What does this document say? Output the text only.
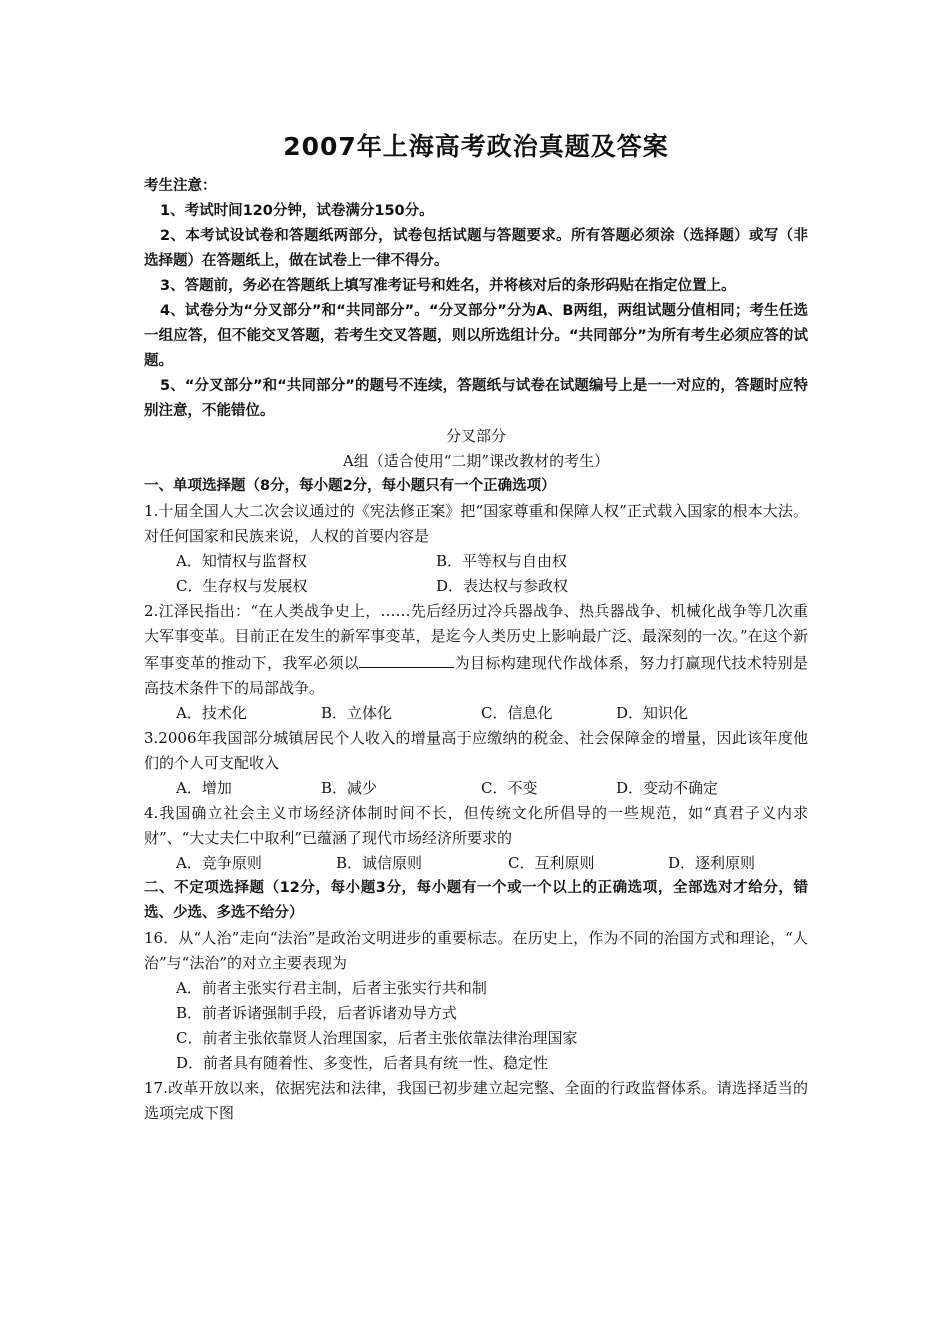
2007年上海高考政治真题及答案
考生注意：
1、考试时间120分钟，试卷满分150分。
2、本考试设试卷和答题纸两部分，试卷包括试题与答题要求。所有答题必须涂（选择题）或写（非选择题）在答题纸上，做在试卷上一律不得分。
3、答题前，务必在答题纸上填写准考证号和姓名，并将核对后的条形码贴在指定位置上。
4、试卷分为“分叉部分”和“共同部分”。“分叉部分”分为A、B两组，两组试题分值相同；考生任选一组应答，但不能交叉答题，若考生交叉答题，则以所选组计分。“共同部分”为所有考生必须应答的试题。
5、“分叉部分”和“共同部分”的题号不连续，答题纸与试卷在试题编号上是一一对应的，答题时应特别注意，不能错位。
分叉部分
A组（适合使用“二期”课改教材的考生）
一、单项选择题（8分，每小题2分，每小题只有一个正确选项）
1.十届全国人大二次会议通过的《宪法修正案》把“国家尊重和保障人权”正式载入国家的根本大法。对任何国家和民族来说，人权的首要内容是
A．知情权与监督权	B．平等权与自由权
C．生存权与发展权	D．表达权与参政权
2.江泽民指出：“在人类战争史上，……先后经历过冷兵器战争、热兵器战争、机械化战争等几次重大军事变革。目前正在发生的新军事变革，是迄今人类历史上影响最广泛、最深刻的一次。”在这个新军事变革的推动下，我军必须以	为目标构建现代作战体系，努力打赢现代技术特别是高技术条件下的局部战争。
A．技术化	B．立体化	C．信息化	D．知识化
3.2006年我国部分城镇居民个人收入的增量高于应缴纳的税金、社会保障金的增量，因此该年度他们的个人可支配收入
A．增加	B．减少	C．不变	D．变动不确定
4.我国确立社会主义市场经济体制时间不长，但传统文化所倡导的一些规范，如“真君子义内求财”、“大丈夫仁中取利”已蕴涵了现代市场经济所要求的
A．竞争原则	B．诚信原则	C．互利原则	D．逐利原则
二、不定项选择题（12分，每小题3分，每小题有一个或一个以上的正确选项，全部选对才给分，错选、少选、多选不给分）
16．从“人治”走向“法治”是政治文明进步的重要标志。在历史上，作为不同的治国方式和理论，“人治”与“法治”的对立主要表现为
A．前者主张实行君主制，后者主张实行共和制
B．前者诉诸强制手段，后者诉诸劝导方式
C．前者主张依靠贤人治理国家，后者主张依靠法律治理国家
D．前者具有随着性、多变性，后者具有统一性、稳定性
17.改革开放以来，依据宪法和法律，我国已初步建立起完整、全面的行政监督体系。请选择适当的选项完成下图
